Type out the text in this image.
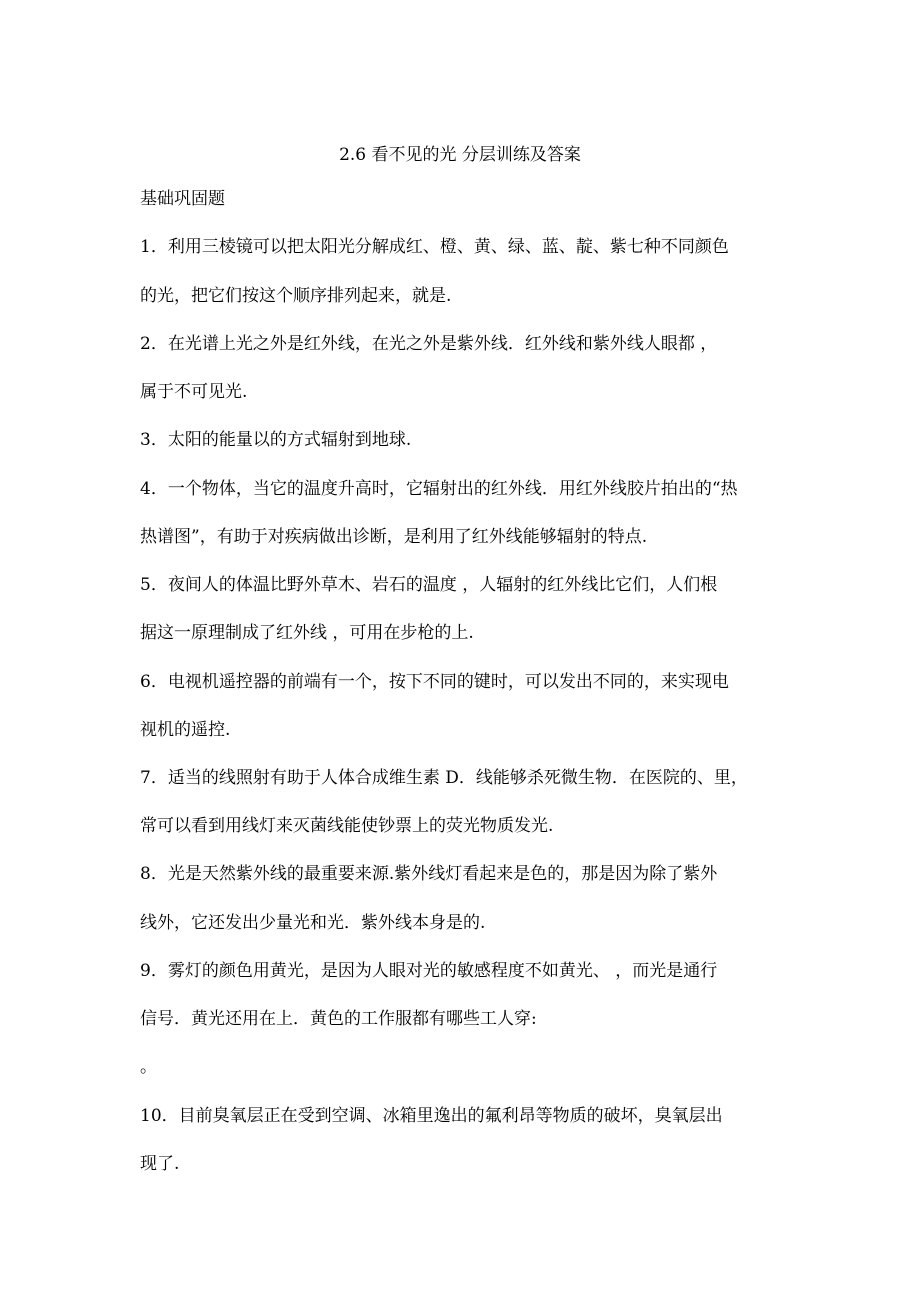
2.6 看不见的光 分层训练及答案
基础巩固题
1．利用三棱镜可以把太阳光分解成红、橙、黄、绿、蓝、靛、紫七种不同颜色
的光，把它们按这个顺序排列起来，就是.
2．在光谱上光之外是红外线，在光之外是紫外线．红外线和紫外线人眼都 ，
属于不可见光.
3．太阳的能量以的方式辐射到地球.
4．一个物体，当它的温度升高时，它辐射出的红外线．用红外线胶片拍出的“热
热谱图”，有助于对疾病做出诊断，是利用了红外线能够辐射的特点.
5．夜间人的体温比野外草木、岩石的温度 ，人辐射的红外线比它们，人们根
据这一原理制成了红外线 ，可用在步枪的上.
6．电视机遥控器的前端有一个，按下不同的键时，可以发出不同的，来实现电
视机的遥控.
7．适当的线照射有助于人体合成维生素 D．线能够杀死微生物．在医院的、里，
常可以看到用线灯来灭菌线能使钞票上的荧光物质发光.
8．光是天然紫外线的最重要来源.紫外线灯看起来是色的，那是因为除了紫外
线外，它还发出少量光和光．紫外线本身是的.
9．雾灯的颜色用黄光，是因为人眼对光的敏感程度不如黄光、 ，而光是通行
信号．黄光还用在上．黄色的工作服都有哪些工人穿:
。
10．目前臭氧层正在受到空调、冰箱里逸出的氟利昂等物质的破坏，臭氧层出
现了.
